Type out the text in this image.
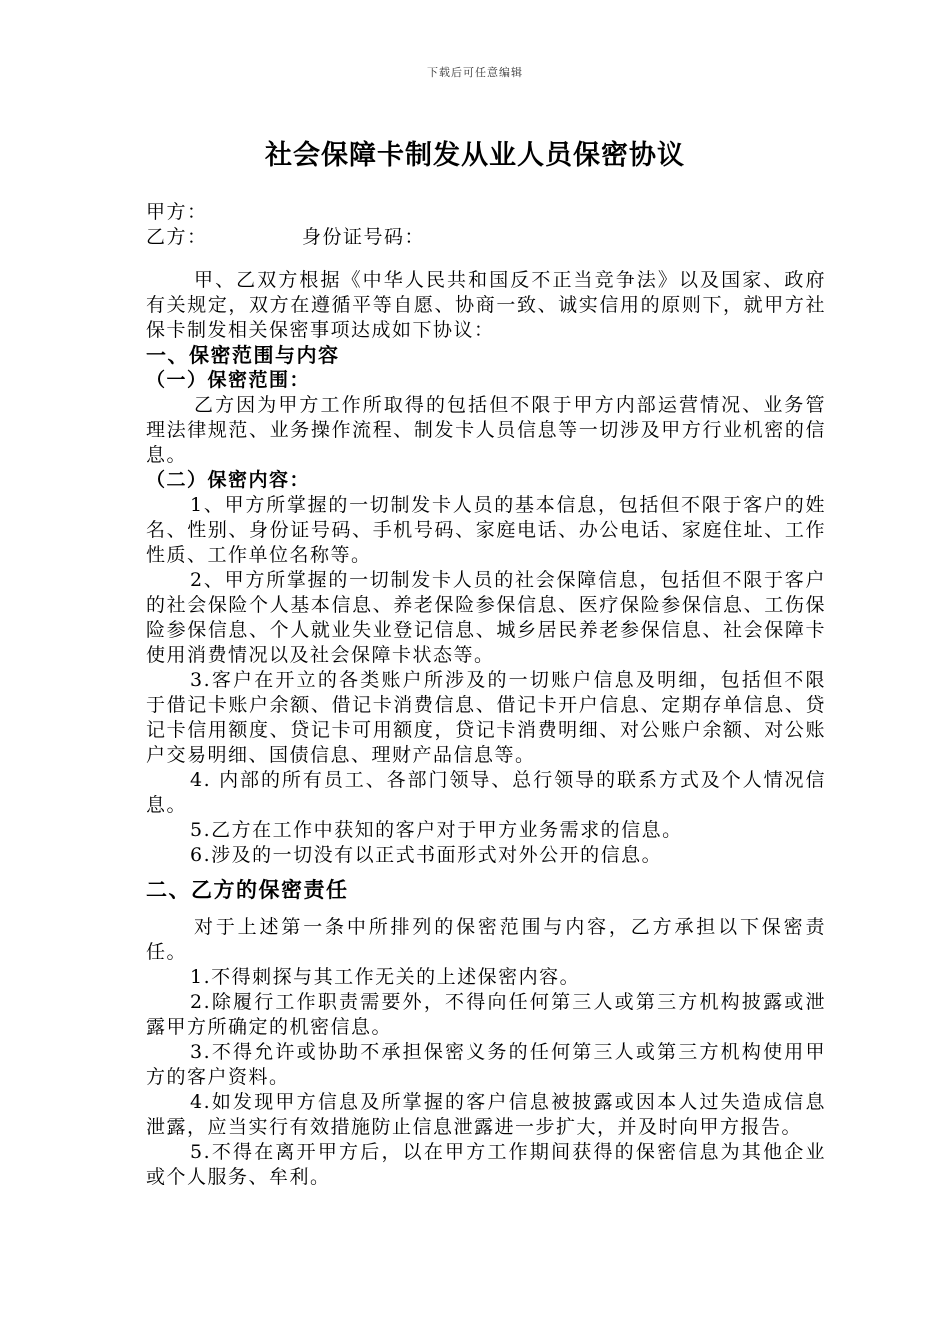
下载后可任意编辑
社会保障卡制发从业人员保密协议

甲方：

乙方：	身份证号码：

甲、乙双方根据《中华人民共和国反不正当竞争法》以及国家、政府有关规定，双方在遵循平等自愿、协商一致、诚实信用的原则下，就甲方社保卡制发相关保密事项达成如下协议：

一、保密范围与内容

（一）保密范围：

乙方因为甲方工作所取得的包括但不限于甲方内部运营情况、业务管理法律规范、业务操作流程、制发卡人员信息等一切涉及甲方行业机密的信息。

（二）保密内容：

1、甲方所掌握的一切制发卡人员的基本信息，包括但不限于客户的姓名、性别、身份证号码、手机号码、家庭电话、办公电话、家庭住址、工作性质、工作单位名称等。

2、甲方所掌握的一切制发卡人员的社会保障信息，包括但不限于客户的社会保险个人基本信息、养老保险参保信息、医疗保险参保信息、工伤保险参保信息、个人就业失业登记信息、城乡居民养老参保信息、社会保障卡使用消费情况以及社会保障卡状态等。

3.客户在开立的各类账户所涉及的一切账户信息及明细，包括但不限于借记卡账户余额、借记卡消费信息、借记卡开户信息、定期存单信息、贷记卡信用额度、贷记卡可用额度，贷记卡消费明细、对公账户余额、对公账户交易明细、国债信息、理财产品信息等。

4. 内部的所有员工、各部门领导、总行领导的联系方式及个人情况信息。

5.乙方在工作中获知的客户对于甲方业务需求的信息。

6.涉及的一切没有以正式书面形式对外公开的信息。

二、乙方的保密责任

对于上述第一条中所排列的保密范围与内容，乙方承担以下保密责任。

1.不得刺探与其工作无关的上述保密内容。

2.除履行工作职责需要外，不得向任何第三人或第三方机构披露或泄露甲方所确定的机密信息。

3.不得允许或协助不承担保密义务的任何第三人或第三方机构使用甲方的客户资料。

4.如发现甲方信息及所掌握的客户信息被披露或因本人过失造成信息泄露，应当实行有效措施防止信息泄露进一步扩大，并及时向甲方报告。

5.不得在离开甲方后，以在甲方工作期间获得的保密信息为其他企业或个人服务、牟利。
